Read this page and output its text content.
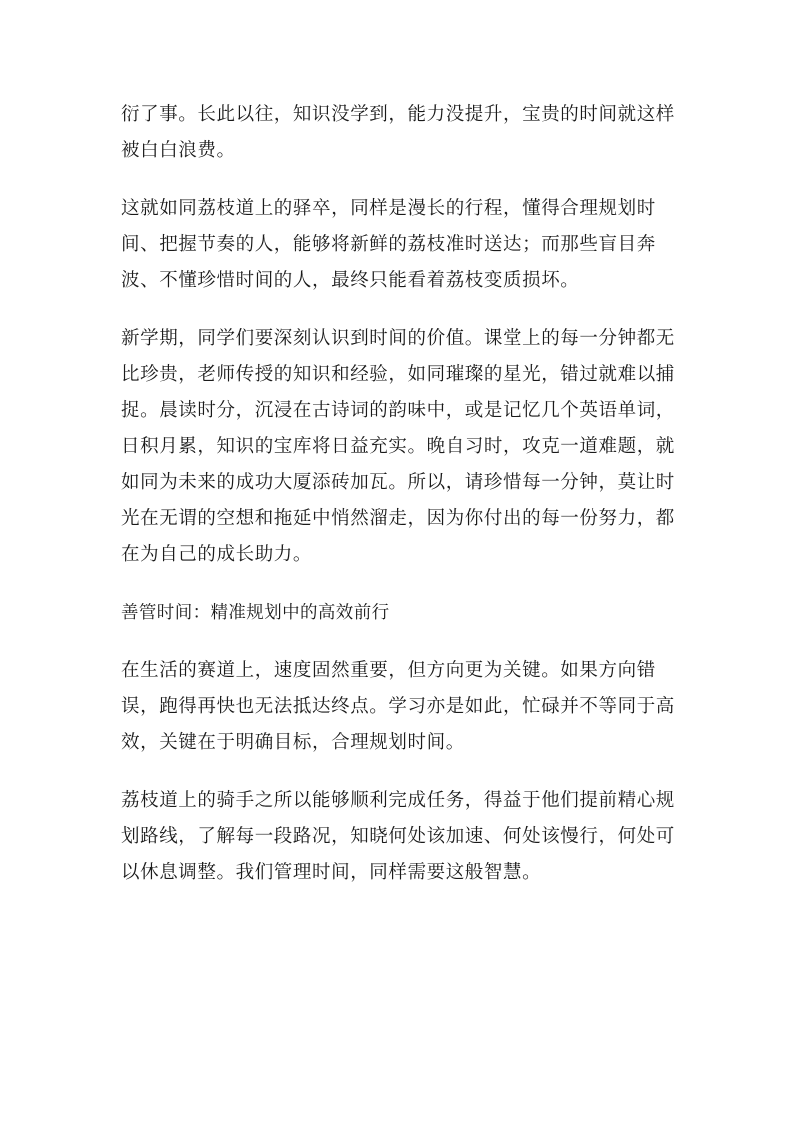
衍了事。长此以往，知识没学到，能力没提升，宝贵的时间就这样被白白浪费。

这就如同荔枝道上的驿卒，同样是漫长的行程，懂得合理规划时间、把握节奏的人，能够将新鲜的荔枝准时送达；而那些盲目奔波、不懂珍惜时间的人，最终只能看着荔枝变质损坏。

新学期，同学们要深刻认识到时间的价值。课堂上的每一分钟都无比珍贵，老师传授的知识和经验，如同璀璨的星光，错过就难以捕捉。晨读时分，沉浸在古诗词的韵味中，或是记忆几个英语单词，日积月累，知识的宝库将日益充实。晚自习时，攻克一道难题，就如同为未来的成功大厦添砖加瓦。所以，请珍惜每一分钟，莫让时光在无谓的空想和拖延中悄然溜走，因为你付出的每一份努力，都在为自己的成长助力。

善管时间：精准规划中的高效前行

在生活的赛道上，速度固然重要，但方向更为关键。如果方向错误，跑得再快也无法抵达终点。学习亦是如此，忙碌并不等同于高效，关键在于明确目标，合理规划时间。

荔枝道上的骑手之所以能够顺利完成任务，得益于他们提前精心规划路线，了解每一段路况，知晓何处该加速、何处该慢行，何处可以休息调整。我们管理时间，同样需要这般智慧。
